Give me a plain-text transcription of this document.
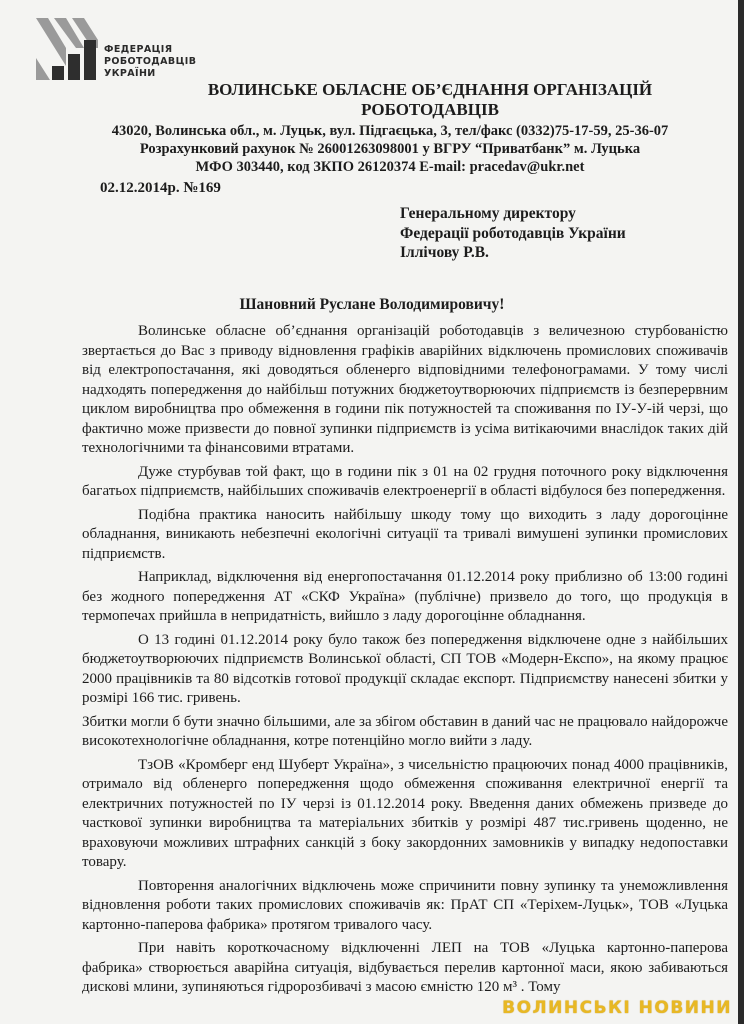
ФЕДЕРАЦІЯ
РОБОТОДАВЦІВ
УКРАЇНИ
ВОЛИНСЬКЕ ОБЛАСНЕ ОБ’ЄДНАННЯ ОРГАНІЗАЦІЙ
РОБОТОДАВЦІВ
43020, Волинська обл., м. Луцьк, вул. Підгаєцька, 3, тел/факс (0332)75-17-59, 25-36-07
Розрахунковий рахунок № 26001263098001 у ВГРУ “Приватбанк” м. Луцька
МФО 303440, код ЗКПО 26120374 E-mail: pracedav@ukr.net
02.12.2014р. №169
Генеральному директору
Федерації роботодавців України
Іллічову Р.В.
Шановний Руслане Володимировичу!

Волинське обласне об’єднання організацій роботодавців з величезною стурбованістю звертається до Вас з приводу відновлення графіків аварійних відключень промислових споживачів від електропостачання, які доводяться обленерго відповідними телефонограмами. У тому числі надходять попередження до найбільш потужних бюджетоутворюючих підприємств із безперервним циклом виробництва про обмеження в години пік потужностей та споживання по ІУ-У-ій черзі, що фактично може призвести до повної зупинки підприємств із усіма витікаючими внаслідок таких дій технологічними та фінансовими втратами.

Дуже стурбував той факт, що в години пік з 01 на 02 грудня поточного року відключення багатьох підприємств, найбільших споживачів електроенергії в області відбулося без попередження.

Подібна практика наносить найбільшу шкоду тому що виходить з ладу дорогоцінне обладнання, виникають небезпечні екологічні ситуації та тривалі вимушені зупинки промислових підприємств.

Наприклад, відключення від енергопостачання 01.12.2014 року приблизно об 13:00 годині без жодного попередження АТ «СКФ Україна» (публічне) призвело до того, що продукція в термопечах прийшла в непридатність, вийшло з ладу дорогоцінне обладнання.

О 13 годині 01.12.2014 року було також без попередження відключене одне з найбільших бюджетоутворюючих підприємств Волинської області, СП ТОВ «Модерн-Експо», на якому працює 2000 працівників та 80 відсотків готової продукції складає експорт. Підприємству нанесені збитки у розмірі 166 тис. гривень.

Збитки могли б бути значно більшими, але за збігом обставин в даний час не працювало найдорожче високотехнологічне обладнання, котре потенційно могло вийти з ладу.

ТзОВ «Кромберг енд Шуберт Україна», з чисельністю працюючих понад 4000 працівників, отримало від обленерго попередження щодо обмеження споживання електричної енергії та електричних потужностей по ІУ черзі із 01.12.2014 року. Введення даних обмежень призведе до часткової зупинки виробництва та матеріальних збитків у розмірі 487 тис.гривень щоденно, не враховуючи можливих штрафних санкцій з боку закордонних замовників у випадку недопоставки товару.

Повторення аналогічних відключень може спричинити повну зупинку та унеможливлення відновлення роботи таких промислових споживачів як: ПрАТ СП «Теріхем-Луцьк», ТОВ «Луцька картонно-паперова фабрика» протягом тривалого часу.

При навіть короткочасному відключенні ЛЕП на ТОВ «Луцька картонно-паперова фабрика» створюється аварійна ситуація, відбувається перелив картонної маси, якою забиваються дискові млини, зупиняються гідророзбивачі з масою ємністю 120 м³ . Тому

ВОЛИНСЬКІ НОВИНИ
